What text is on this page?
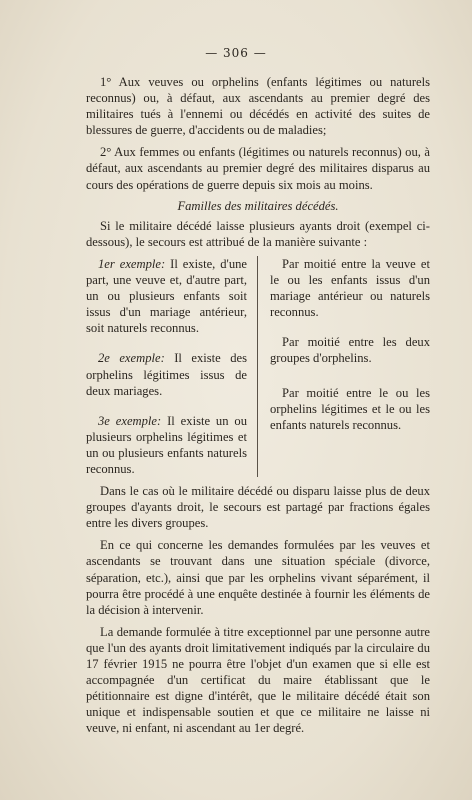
— 306 —

1° Aux veuves ou orphelins (enfants légitimes ou naturels reconnus) ou, à défaut, aux ascendants au premier degré des militaires tués à l'ennemi ou décédés en activité des suites de blessures de guerre, d'accidents ou de maladies;

2° Aux femmes ou enfants (légitimes ou naturels reconnus) ou, à défaut, aux ascendants au premier degré des militaires disparus au cours des opérations de guerre depuis six mois au moins.

Familles des militaires décédés.

Si le militaire décédé laisse plusieurs ayants droit (exempel ci-dessous), le secours est attribué de la manière suivante :

1er exemple: Il existe, d'une part, une veuve et, d'autre part, un ou plusieurs enfants soit issus d'un mariage antérieur, soit naturels reconnus.

2e exemple: Il existe des orphelins légitimes issus de deux mariages.

3e exemple: Il existe un ou plusieurs orphelins légitimes et un ou plusieurs enfants naturels reconnus.

Par moitié entre la veuve et le ou les enfants issus d'un mariage antérieur ou naturels reconnus.

Par moitié entre les deux groupes d'orphelins.

Par moitié entre le ou les orphelins légitimes et le ou les enfants naturels reconnus.

Dans le cas où le militaire décédé ou disparu laisse plus de deux groupes d'ayants droit, le secours est partagé par fractions égales entre les divers groupes.

En ce qui concerne les demandes formulées par les veuves et ascendants se trouvant dans une situation spéciale (divorce, séparation, etc.), ainsi que par les orphelins vivant séparément, il pourra être procédé à une enquête destinée à fournir les éléments de la décision à intervenir.

La demande formulée à titre exceptionnel par une personne autre que l'un des ayants droit limitativement indiqués par la circulaire du 17 février 1915 ne pourra être l'objet d'un examen que si elle est accompagnée d'un certificat du maire établissant que le pétitionnaire est digne d'intérêt, que le militaire décédé était son unique et indispensable soutien et que ce militaire ne laisse ni veuve, ni enfant, ni ascendant au 1er degré.
